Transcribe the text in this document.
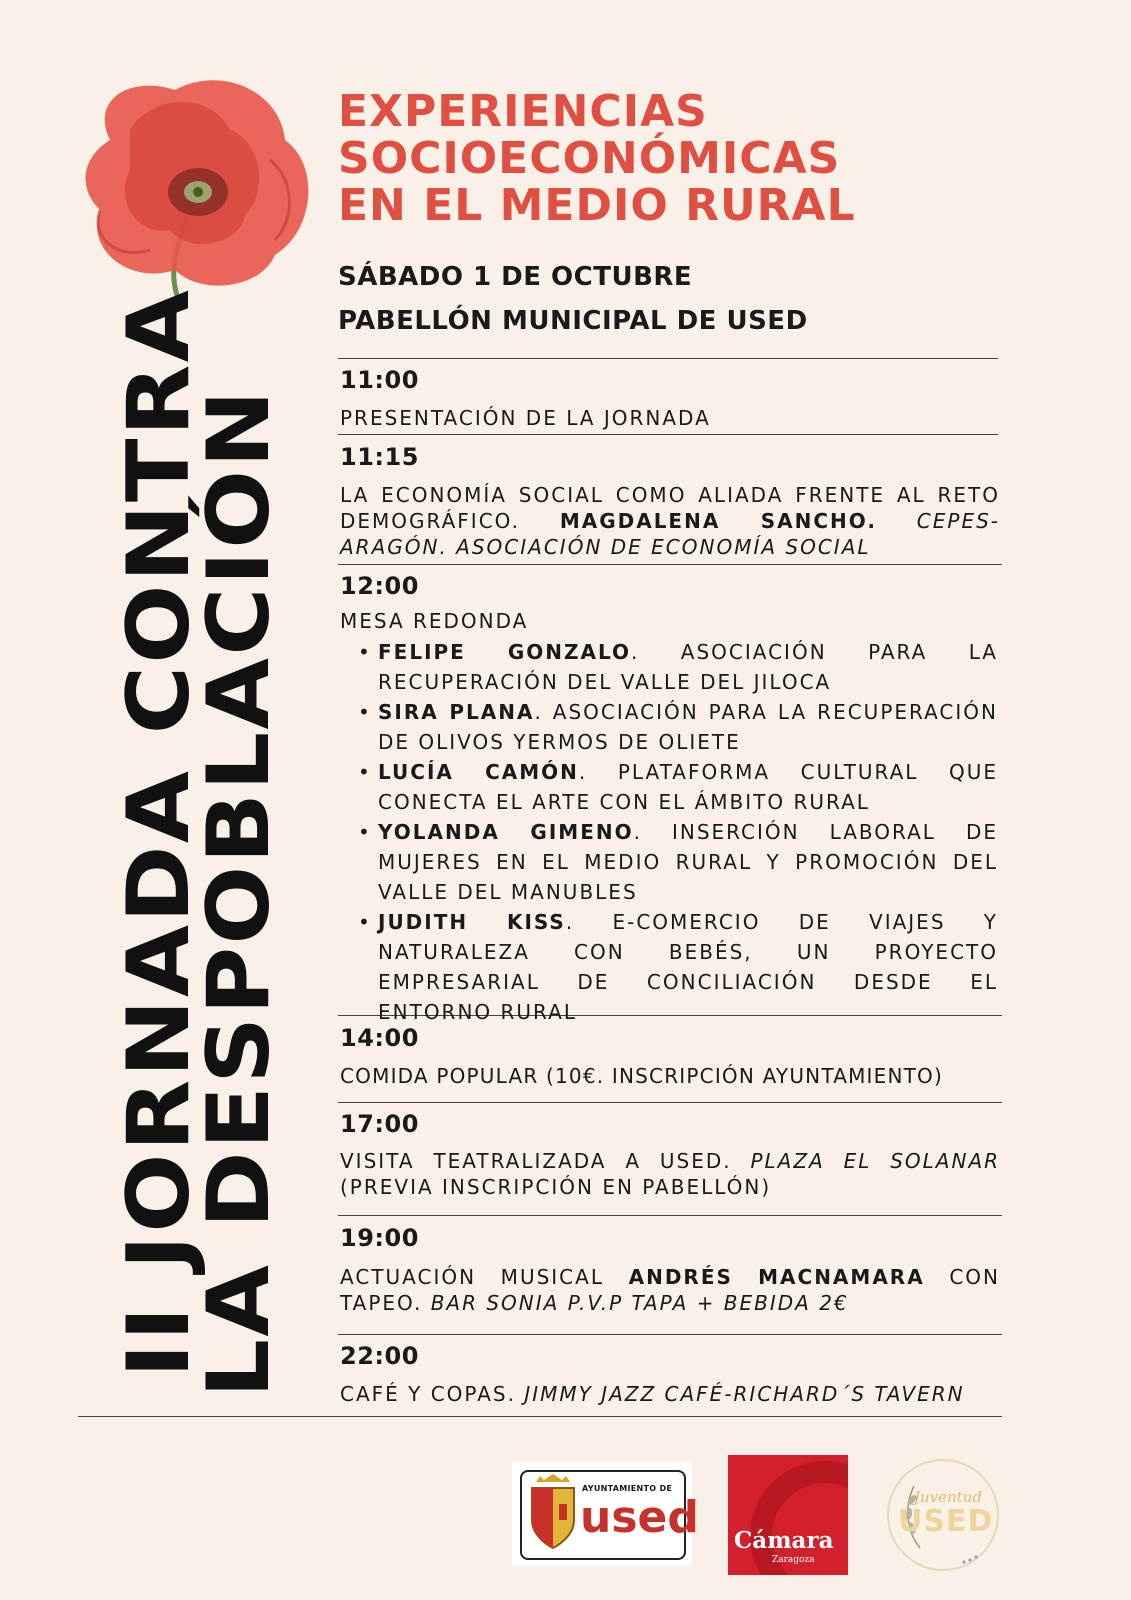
II JORNADA CONTRA
LA DESPOBLACIÓN
EXPERIENCIAS
SOCIOECONÓMICAS
EN EL MEDIO RURAL
SÁBADO 1 DE OCTUBRE
PABELLÓN MUNICIPAL DE USED
11:00
PRESENTACIÓN DE LA JORNADA
11:15
LA ECONOMÍA SOCIAL COMO ALIADA FRENTE AL RETO DEMOGRÁFICO. MAGDALENA SANCHO. CEPES-ARAGÓN. ASOCIACIÓN DE ECONOMÍA SOCIAL
12:00
MESA REDONDA
• FELIPE GONZALO. ASOCIACIÓN PARA LA RECUPERACIÓN DEL VALLE DEL JILOCA
• SIRA PLANA. ASOCIACIÓN PARA LA RECUPERACIÓN DE OLIVOS YERMOS DE OLIETE
• LUCÍA CAMÓN. PLATAFORMA CULTURAL QUE CONECTA EL ARTE CON EL ÁMBITO RURAL
• YOLANDA GIMENO. INSERCIÓN LABORAL DE MUJERES EN EL MEDIO RURAL Y PROMOCIÓN DEL VALLE DEL MANUBLES
• JUDITH KISS. E-COMERCIO DE VIAJES Y NATURALEZA CON BEBÉS, UN PROYECTO EMPRESARIAL DE CONCILIACIÓN DESDE EL ENTORNO RURAL
14:00
COMIDA POPULAR (10€. INSCRIPCIÓN AYUNTAMIENTO)
17:00
VISITA TEATRALIZADA A USED. PLAZA EL SOLANAR (PREVIA INSCRIPCIÓN EN PABELLÓN)
19:00
ACTUACIÓN MUSICAL ANDRÉS MACNAMARA CON TAPEO. BAR SONIA P.V.P TAPA + BEBIDA 2€
22:00
CAFÉ Y COPAS. JIMMY JAZZ CAFÉ-RICHARD´S TAVERN
AYUNTAMIENTO DE
used Cámara
Zaragoza
Juventud
USED
